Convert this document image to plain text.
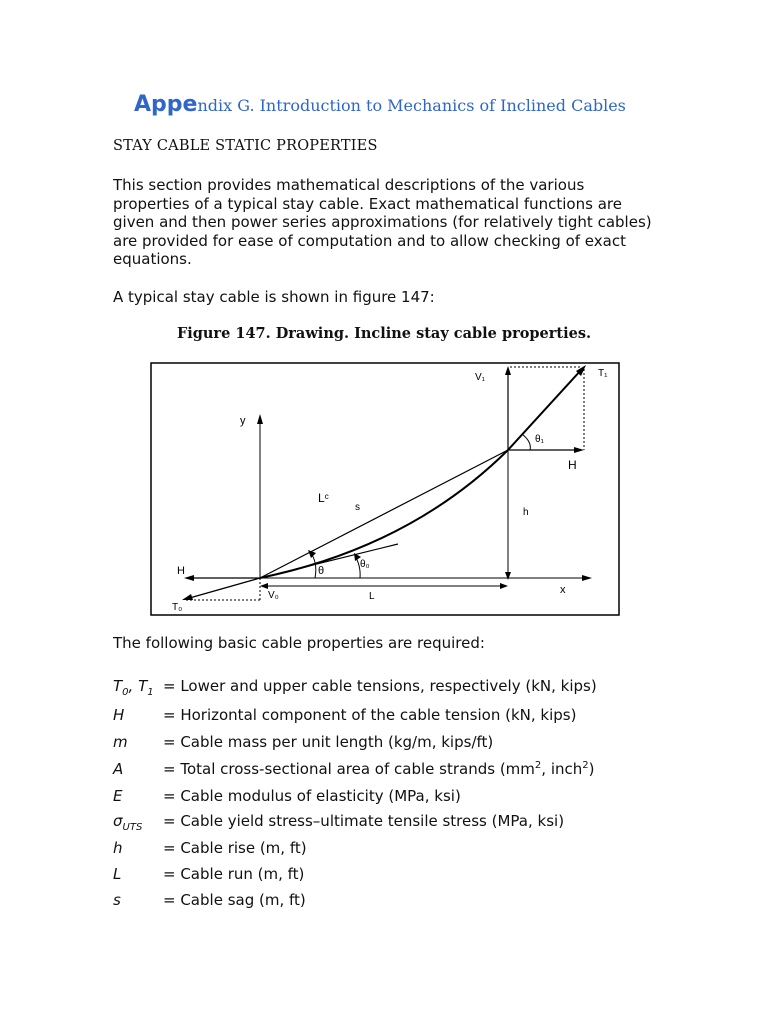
Appendix G. Introduction to Mechanics of Inclined Cables
STAY CABLE STATIC PROPERTIES
This section provides mathematical descriptions of the various properties of a typical stay cable. Exact mathematical functions are given and then power series approximations (for relatively tight cables) are provided for ease of computation and to allow checking of exact equations.
A typical stay cable is shown in figure 147:
Figure 147. Drawing. Incline stay cable properties.
V₁	T₁
θ₁
H
y
Lᶜ
s	h
θ₀
θ
H
T₀
V₀	L
x
The following basic cable properties are required:
$T_0$, $T_1$ = Lower and upper cable tensions, respectively (kN, kips)
H	= Horizontal component of the cable tension (kN, kips)
m = Cable mass per unit length (kg/m, kips/ft)
A	= Total cross-sectional area of cable strands ($mm^2$, inch$^2$)
E	= Cable modulus of elasticity (MPa, ksi)
$\sigma_{UTS}$ = Cable yield stress–ultimate tensile stress (MPa, ksi)
h	= Cable rise (m, ft)
L	= Cable run (m, ft)
s	= Cable sag (m, ft)
